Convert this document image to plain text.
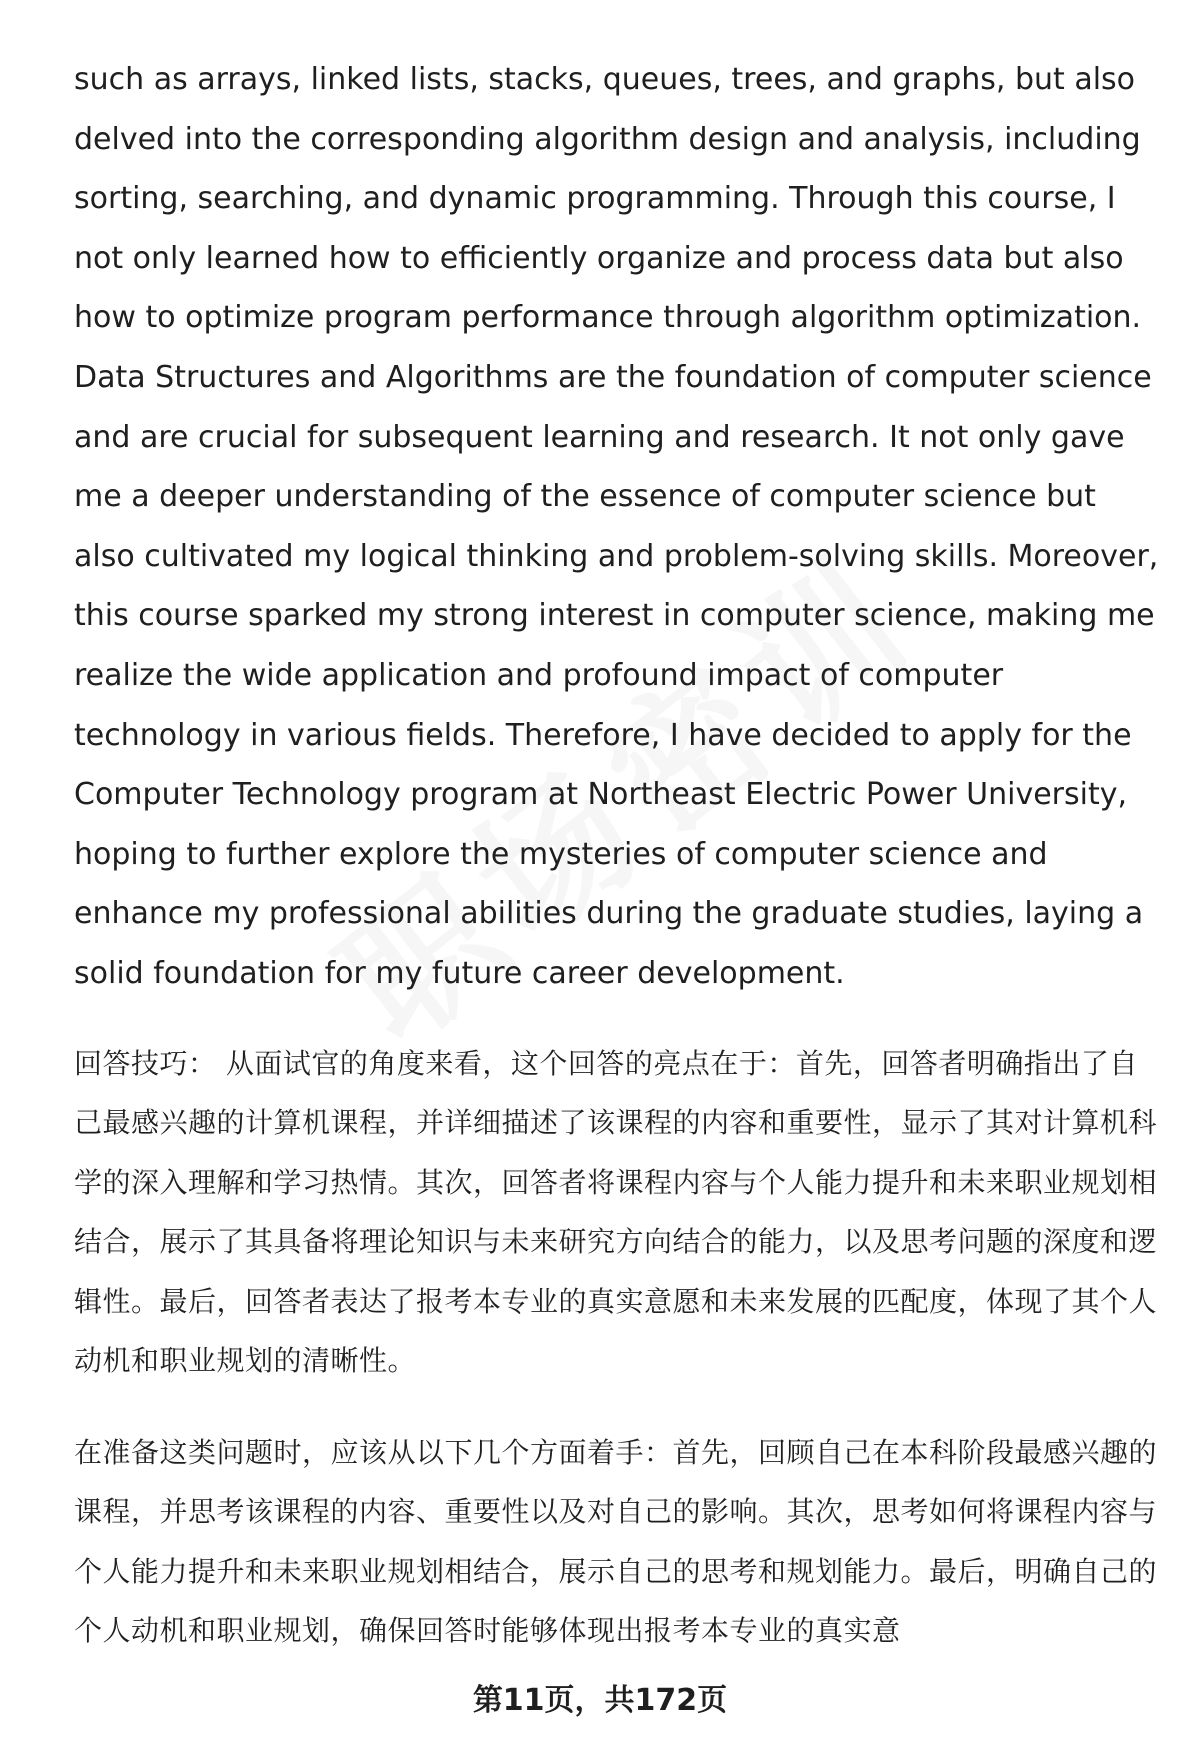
such as arrays, linked lists, stacks, queues, trees, and graphs, but also delved into the corresponding algorithm design and analysis, including sorting, searching, and dynamic programming. Through this course, I not only learned how to efficiently organize and process data but also how to optimize program performance through algorithm optimization. Data Structures and Algorithms are the foundation of computer science and are crucial for subsequent learning and research. It not only gave me a deeper understanding of the essence of computer science but also cultivated my logical thinking and problem-solving skills. Moreover, this course sparked my strong interest in computer science, making me realize the wide application and profound impact of computer technology in various fields. Therefore, I have decided to apply for the Computer Technology program at Northeast Electric Power University, hoping to further explore the mysteries of computer science and enhance my professional abilities during the graduate studies, laying a solid foundation for my future career development.

回答技巧： 从面试官的角度来看，这个回答的亮点在于：首先，回答者明确指出了自己最感兴趣的计算机课程，并详细描述了该课程的内容和重要性，显示了其对计算机科学的深入理解和学习热情。其次，回答者将课程内容与个人能力提升和未来职业规划相结合，展示了其具备将理论知识与未来研究方向结合的能力，以及思考问题的深度和逻辑性。最后，回答者表达了报考本专业的真实意愿和未来发展的匹配度，体现了其个人动机和职业规划的清晰性。

在准备这类问题时，应该从以下几个方面着手：首先，回顾自己在本科阶段最感兴趣的课程，并思考该课程的内容、重要性以及对自己的影响。其次，思考如何将课程内容与个人能力提升和未来职业规划相结合，展示自己的思考和规划能力。最后，明确自己的个人动机和职业规划，确保回答时能够体现出报考本专业的真实意

第11页，共172页
